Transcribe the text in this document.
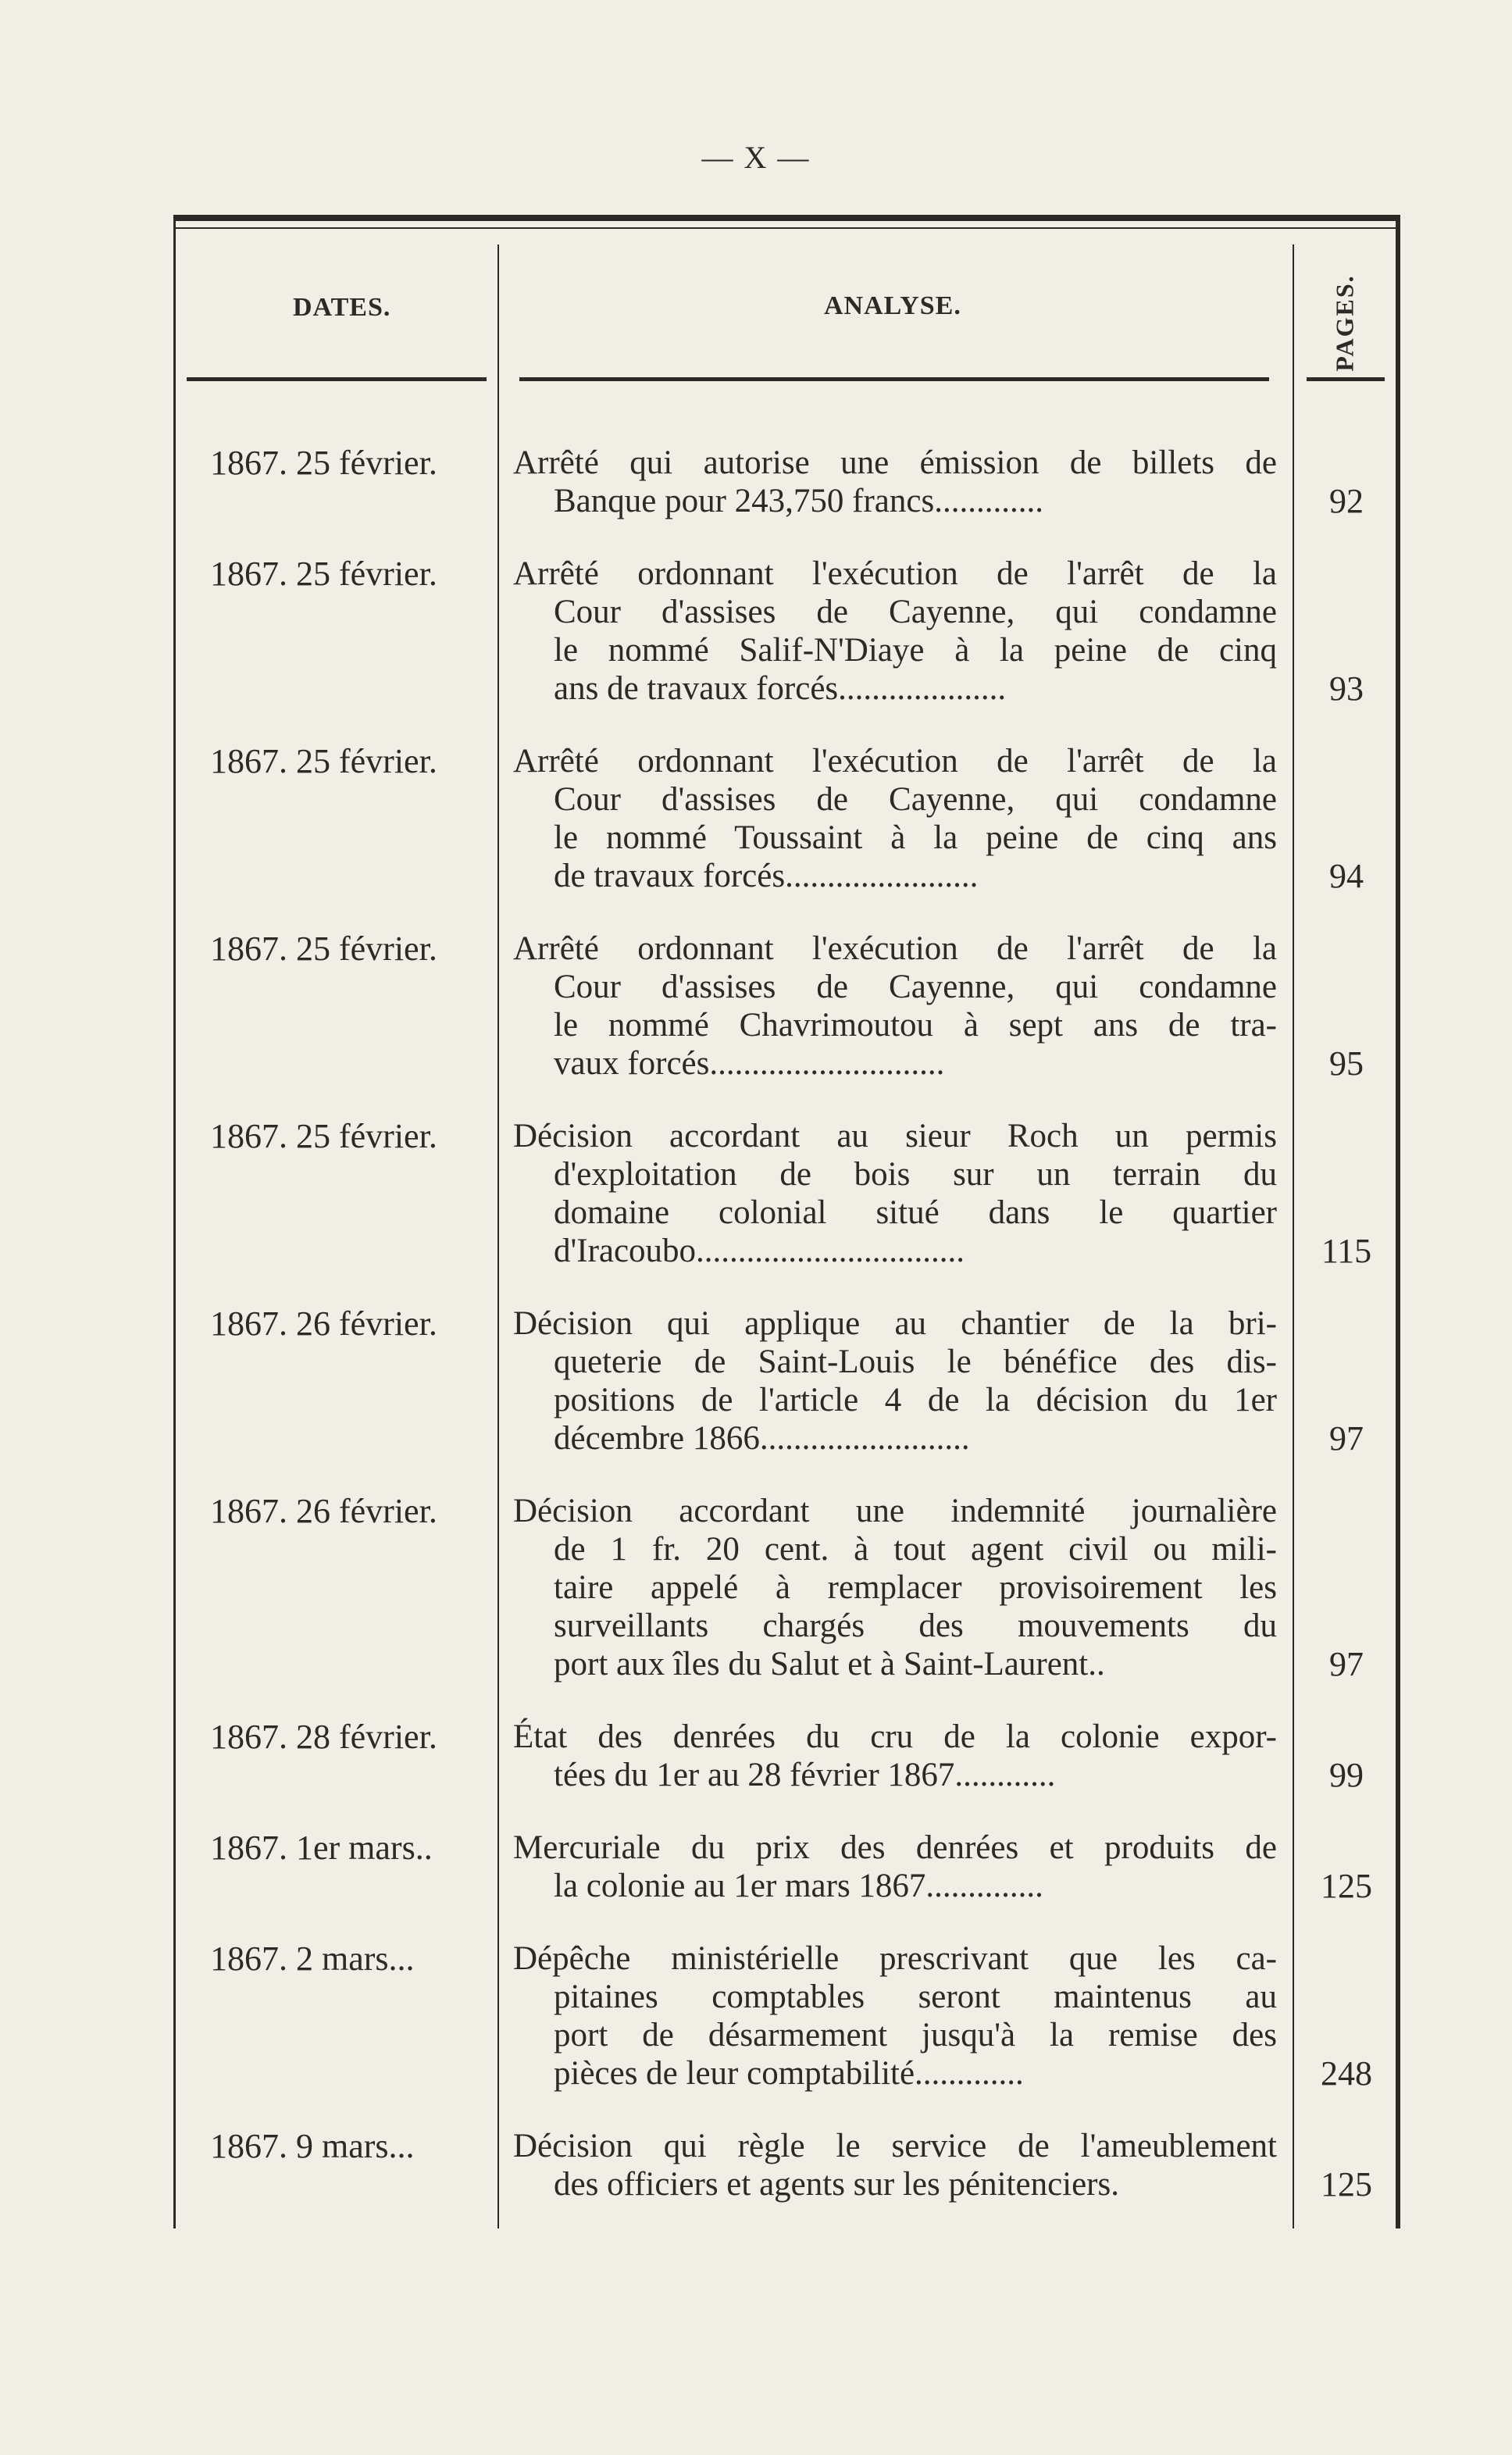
— X —
DATES.	ANALYSE.	PAGES.
1867. 25 février.	Arrêté qui autorise une émission de billets de
Banque pour 243,750 francs.............	92
1867. 25 février.	Arrêté ordonnant l'exécution de l'arrêt de la
Cour d'assises de Cayenne, qui condamne
le nommé Salif-N'Diaye à la peine de cinq
ans de travaux forcés....................	93
1867. 25 février.	Arrêté ordonnant l'exécution de l'arrêt de la
Cour d'assises de Cayenne, qui condamne
le nommé Toussaint à la peine de cinq ans
de travaux forcés.......................	94
1867. 25 février.	Arrêté ordonnant l'exécution de l'arrêt de la
Cour d'assises de Cayenne, qui condamne
le nommé Chavrimoutou à sept ans de tra-
vaux forcés............................	95
1867. 25 février.	Décision accordant au sieur Roch un permis
d'exploitation de bois sur un terrain du
domaine colonial situé dans le quartier
d'Iracoubo................................	115
1867. 26 février.	Décision qui applique au chantier de la bri-
queterie de Saint-Louis le bénéfice des dis-
positions de l'article 4 de la décision du 1er
décembre 1866.........................	97
1867. 26 février.	Décision accordant une indemnité journalière
de 1 fr. 20 cent. à tout agent civil ou mili-
taire appelé à remplacer provisoirement les
surveillants chargés des mouvements du
port aux îles du Salut et à Saint-Laurent..	97
1867. 28 février.	État des denrées du cru de la colonie expor-
tées du 1er au 28 février 1867............	99
1867. 1er mars..	Mercuriale du prix des denrées et produits de
la colonie au 1er mars 1867..............	125
1867. 2 mars...	Dépêche ministérielle prescrivant que les ca-
pitaines comptables seront maintenus au
port de désarmement jusqu'à la remise des
pièces de leur comptabilité.............	248
1867. 9 mars...	Décision qui règle le service de l'ameublement
des officiers et agents sur les pénitenciers.	125
